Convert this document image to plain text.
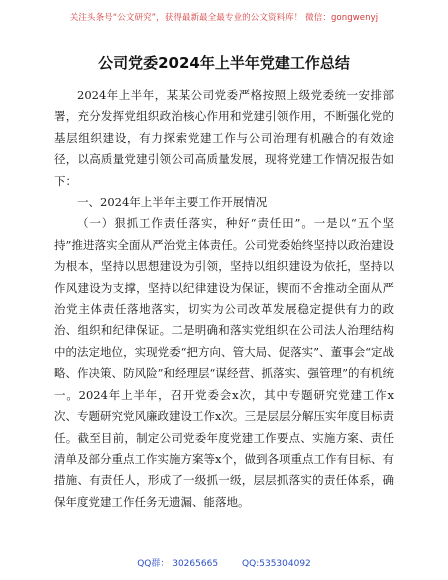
关注头条号“公文研究”，获得最新最全最专业的公文资料库！ 微信：gongwenyj
公司党委2024年上半年党建工作总结

2024年上半年，某某公司党委严格按照上级党委统一安排部署，充分发挥党组织政治核心作用和党建引领作用，不断强化党的基层组织建设，有力探索党建工作与公司治理有机融合的有效途径，以高质量党建引领公司高质量发展，现将党建工作情况报告如下：

一、2024年上半年主要工作开展情况

（一）狠抓工作责任落实，种好“责任田”。一是以“五个坚持”推进落实全面从严治党主体责任。公司党委始终坚持以政治建设为根本，坚持以思想建设为引领，坚持以组织建设为依托，坚持以作风建设为支撑，坚持以纪律建设为保证，锲而不舍推动全面从严治党主体责任落地落实，切实为公司改革发展稳定提供有力的政治、组织和纪律保证。二是明确和落实党组织在公司法人治理结构中的法定地位，实现党委“把方向、管大局、促落实”、董事会“定战略、作决策、防风险”和经理层“谋经营、抓落实、强管理”的有机统一。2024年上半年，召开党委会x次，其中专题研究党建工作x次、专题研究党风廉政建设工作x次。三是层层分解压实年度目标责任。截至目前，制定公司党委年度党建工作要点、实施方案、责任清单及部分重点工作实施方案等x个，做到各项重点工作有目标、有措施、有责任人，形成了一级抓一级，层层抓落实的责任体系，确保年度党建工作任务无遗漏、能落地。

QQ群： 30265665	QQ:535304092
